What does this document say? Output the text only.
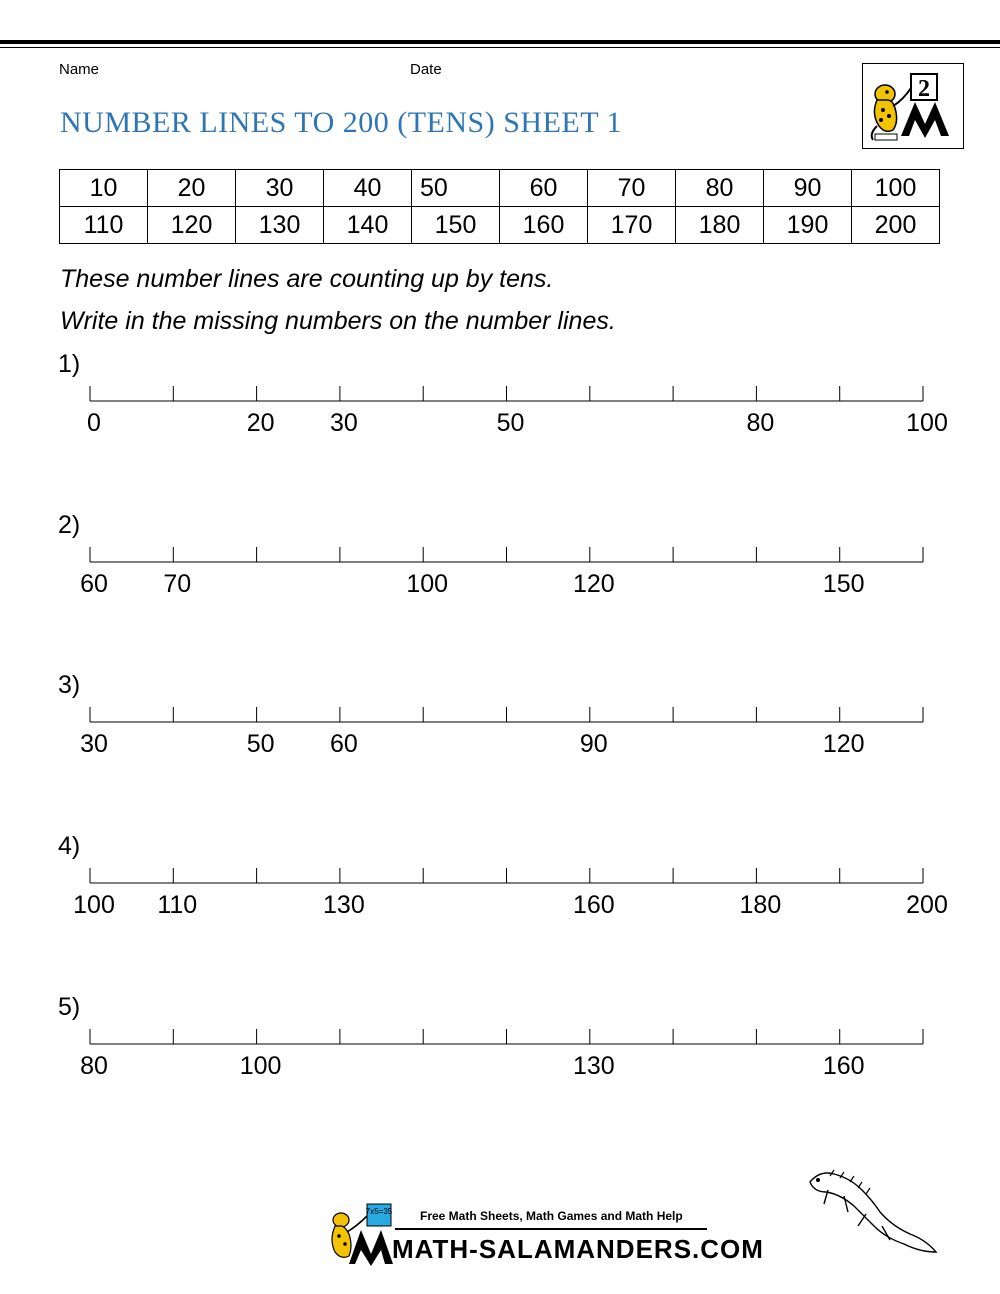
Name	Date
NUMBER LINES TO 200 (TENS) SHEET 1
2
10	20	30	40	50	60	70	80	90	100
110	120	130	140	150	160	170	180	190	200
These number lines are counting up by tens.
Write in the missing numbers on the number lines.
1)
0	20 30	50	80	100
2)
60 70	100	120	150
3)
30	50 60	90	120
4)
100 110	130	160	180	200
5)
80	100	130	160
7x5=35 Free Math Sheets, Math Games and Math Help
MATH-SALAMANDERS.COM
